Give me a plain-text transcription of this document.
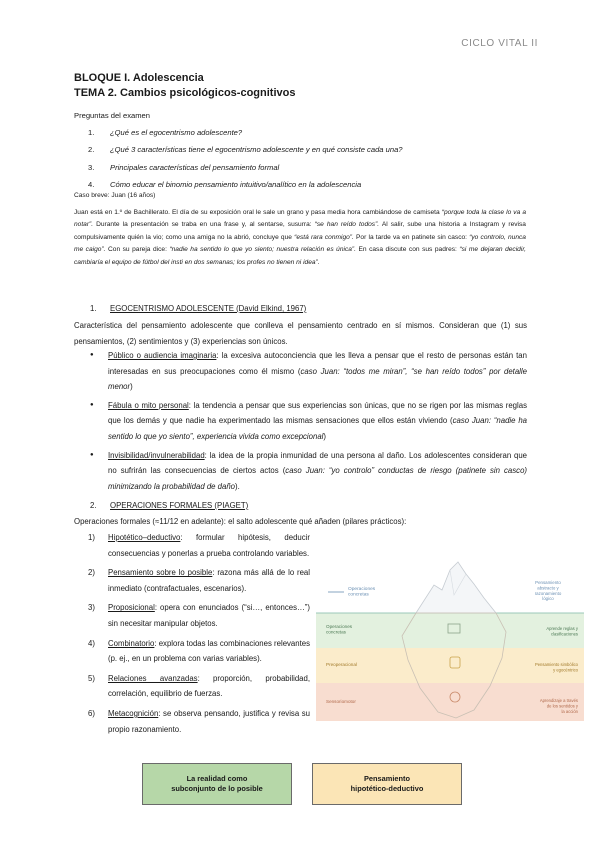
CICLO VITAL II
BLOQUE I. Adolescencia
TEMA 2. Cambios psicológicos-cognitivos
Preguntas del examen
1. ¿Qué es el egocentrismo adolescente?
2. ¿Qué 3 características tiene el egocentrismo adolescente y en qué consiste cada una?
3. Principales características del pensamiento formal
4. Cómo educar el binomio pensamiento intuitivo/analítico en la adolescencia
Caso breve: Juan (16 años)
Juan está en 1.º de Bachillerato. El día de su exposición oral le sale un grano y pasa media hora cambiándose de camiseta “porque toda la clase lo va a notar”. Durante la presentación se traba en una frase y, al sentarse, susurra: “se han reído todos”. Al salir, sube una historia a Instagram y revisa compulsivamente quién la vio; como una amiga no la abrió, concluye que “está rara conmigo”. Por la tarde va en patinete sin casco: “yo controlo, nunca me caigo”. Con su pareja dice: “nadie ha sentido lo que yo siento; nuestra relación es única”. En casa discute con sus padres: “si me dejaran decidir, cambiaría el equipo de fútbol del insti en dos semanas; los profes no tienen ni idea”.
1. EGOCENTRISMO ADOLESCENTE (David Elkind, 1967)
Característica del pensamiento adolescente que conlleva el pensamiento centrado en sí mismos. Consideran que (1) sus pensamientos, (2) sentimientos y (3) experiencias son únicos.
● Público o audiencia imaginaria: la excesiva autoconciencia que les lleva a pensar que el resto de personas están tan interesadas en sus preocupaciones como él mismo (caso Juan: “todos me miran”, “se han reído todos” por detalle menor)
● Fábula o mito personal: la tendencia a pensar que sus experiencias son únicas, que no se rigen por las mismas reglas que los demás y que nadie ha experimentado las mismas sensaciones que ellos están viviendo (caso Juan: “nadie ha sentido lo que yo siento”, experiencia vivida como excepcional)
● Invisibilidad/invulnerabilidad: la idea de la propia inmunidad de una persona al daño. Los adolescentes consideran que no sufrirán las consecuencias de ciertos actos (caso Juan: “yo controlo” conductas de riesgo (patinete sin casco) minimizando la probabilidad de daño).
2. OPERACIONES FORMALES (PIAGET)
Operaciones formales (≈11/12 en adelante): el salto adolescente qué añaden (pilares prácticos):
1) Hipotético–deductivo: formular hipótesis, deducir consecuencias y ponerlas a prueba controlando variables.
2) Pensamiento sobre lo posible: razona más allá de lo real inmediato (contrafactuales, escenarios).
3) Proposicional: opera con enunciados (“si…, entonces…”) sin necesitar manipular objetos.
4) Combinatorio: explora todas las combinaciones relevantes (p. ej., en un problema con varias variables).
5) Relaciones avanzadas: proporción, probabilidad, correlación, equilibrio de fuerzas.
6) Metacognición: se observa pensando, justifica y revisa su propio razonamiento.
Operaciones concretas
Pensamiento abstracto y razonamiento lógico
Operaciones concretas
Preoperacional
Sensoriomotor
Aprende reglas y clasificaciones
Pensamiento simbólico y egocéntrico
Aprendizaje a través de los sentidos y la acción
La realidad como
subconjunto de lo posible
Pensamiento
hipotético-deductivo
